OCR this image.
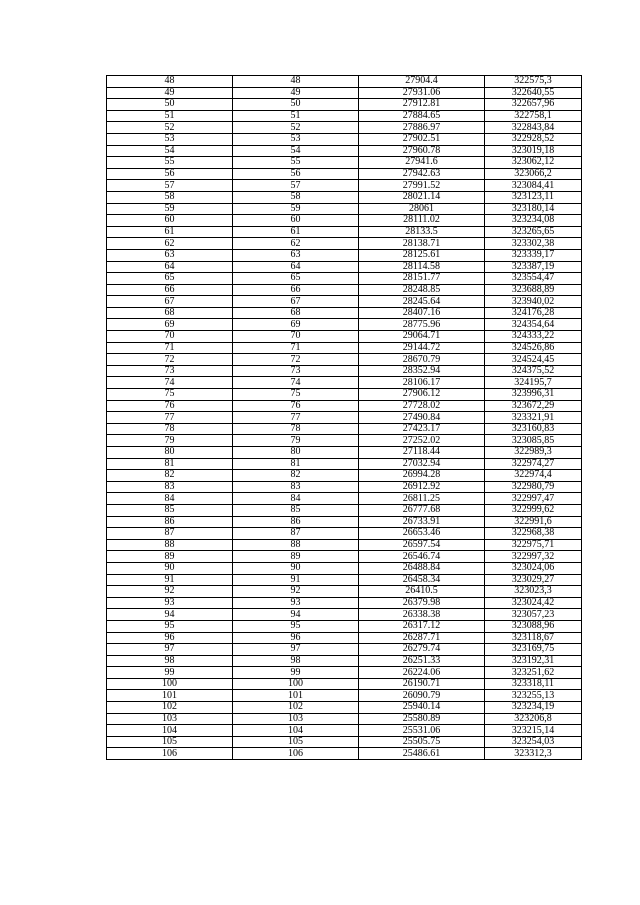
48	48	27904.4	322575,3
49	49	27931.06	322640,55
50	50	27912.81	322657,96
51	51	27884.65	322758,1
52	52	27886.97	322843,84
53	53	27902.51	322928,52
54	54	27960.78	323019,18
55	55	27941.6	323062,12
56	56	27942.63	323066,2
57	57	27991.52	323084,41
58	58	28021.14	323123,11
59	59	28061	323180,14
60	60	28111.02	323234,08
61	61	28133.5	323265,65
62	62	28138.71	323302,38
63	63	28125.61	323339,17
64	64	28114.58	323387,19
65	65	28151.77	323554,47
66	66	28248.85	323688,89
67	67	28245.64	323940,02
68	68	28407.16	324176,28
69	69	28775.96	324354,64
70	70	29064.71	324333,22
71	71	29144.72	324526,86
72	72	28670.79	324524,45
73	73	28352.94	324375,52
74	74	28106.17	324195,7
75	75	27906.12	323996,31
76	76	27728.02	323672,29
77	77	27490.84	323321,91
78	78	27423.17	323160,83
79	79	27252.02	323085,85
80	80	27118.44	322989,3
81	81	27032.94	322974,27
82	82	26994.28	322974,4
83	83	26912.92	322980,79
84	84	26811.25	322997,47
85	85	26777.68	322999,62
86	86	26733.91	322991,6
87	87	26653.46	322968,38
88	88	26597.54	322975,71
89	89	26546.74	322997,32
90	90	26488.84	323024,06
91	91	26458.34	323029,27
92	92	26410.5	323023,3
93	93	26379.98	323024,42
94	94	26338.38	323057,23
95	95	26317.12	323088,96
96	96	26287.71	323118,67
97	97	26279.74	323169,75
98	98	26251.33	323192,31
99	99	26224.06	323251,62
100	100	26190.71	323318,11
101	101	26090.79	323255,13
102	102	25940.14	323234,19
103	103	25580.89	323206,8
104	104	25531.06	323215,14
105	105	25505.75	323254,03
106	106	25486.61	323312,3
